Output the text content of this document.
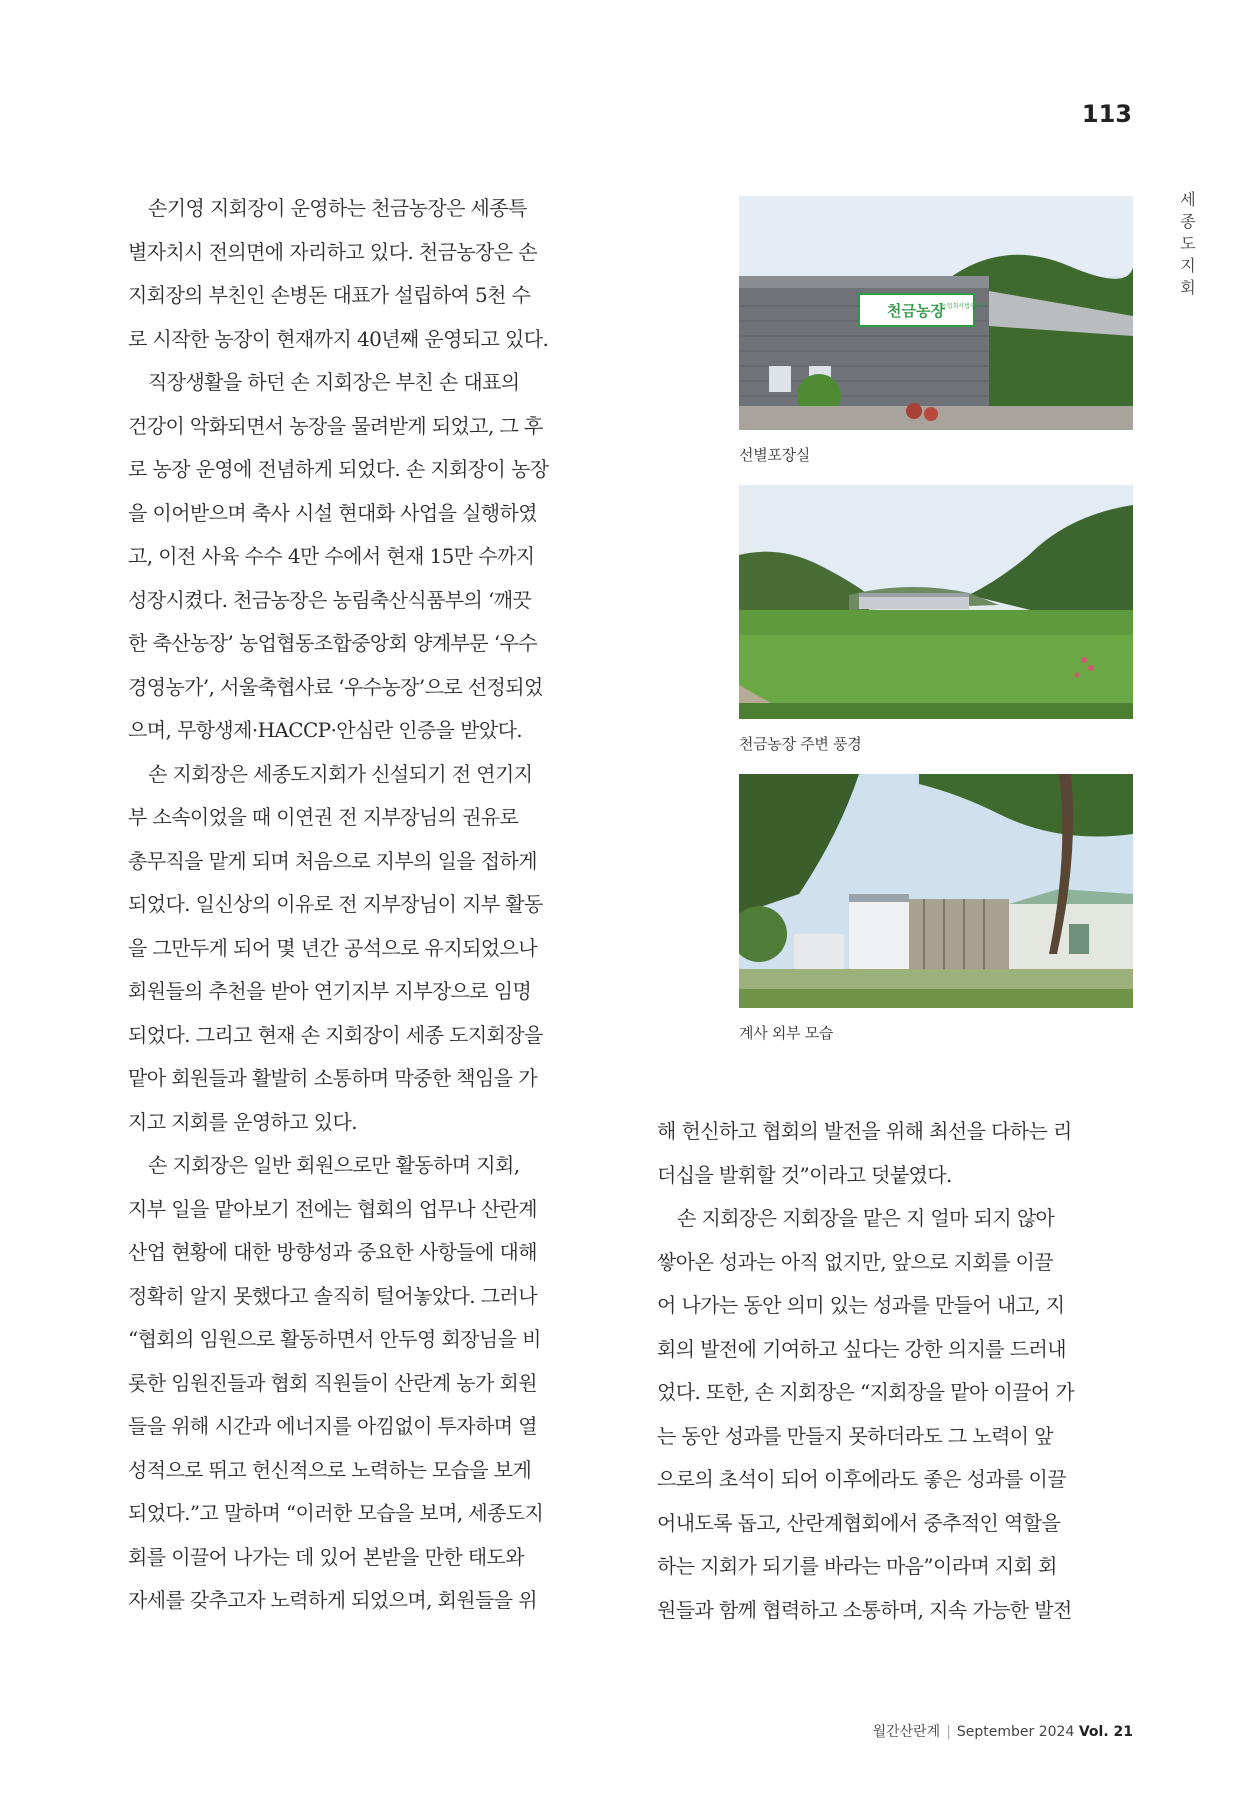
113
세
종
도
지
회

손기영 지회장이 운영하는 천금농장은 세종특
별자치시 전의면에 자리하고 있다. 천금농장은 손
지회장의 부친인 손병돈 대표가 설립하여 5천 수
로 시작한 농장이 현재까지 40년째 운영되고 있다.

직장생활을 하던 손 지회장은 부친 손 대표의
건강이 악화되면서 농장을 물려받게 되었고, 그 후
로 농장 운영에 전념하게 되었다. 손 지회장이 농장
을 이어받으며 축사 시설 현대화 사업을 실행하였
고, 이전 사육 수수 4만 수에서 현재 15만 수까지
성장시켰다. 천금농장은 농림축산식품부의 ‘깨끗
한 축산농장’ 농업협동조합중앙회 양계부문 ‘우수
경영농가’, 서울축협사료 ‘우수농장’으로 선정되었
으며, 무항생제·HACCP·안심란 인증을 받았다.

손 지회장은 세종도지회가 신설되기 전 연기지
부 소속이었을 때 이연권 전 지부장님의 권유로
총무직을 맡게 되며 처음으로 지부의 일을 접하게
되었다. 일신상의 이유로 전 지부장님이 지부 활동
을 그만두게 되어 몇 년간 공석으로 유지되었으나
회원들의 추천을 받아 연기지부 지부장으로 임명
되었다. 그리고 현재 손 지회장이 세종 도지회장을
맡아 회원들과 활발히 소통하며 막중한 책임을 가
지고 지회를 운영하고 있다.

손 지회장은 일반 회원으로만 활동하며 지회,
지부 일을 맡아보기 전에는 협회의 업무나 산란계
산업 현황에 대한 방향성과 중요한 사항들에 대해
정확히 알지 못했다고 솔직히 털어놓았다. 그러나
“협회의 임원으로 활동하면서 안두영 회장님을 비
롯한 임원진들과 협회 직원들이 산란계 농가 회원
들을 위해 시간과 에너지를 아낌없이 투자하며 열
성적으로 뛰고 헌신적으로 노력하는 모습을 보게
되었다.”고 말하며 “이러한 모습을 보며, 세종도지
회를 이끌어 나가는 데 있어 본받을 만한 태도와
자세를 갖추고자 노력하게 되었으며, 회원들을 위

천금농장
농업회사법인(주)
선별포장실
천금농장 주변 풍경
계사 외부 모습

해 헌신하고 협회의 발전을 위해 최선을 다하는 리
더십을 발휘할 것”이라고 덧붙였다.

손 지회장은 지회장을 맡은 지 얼마 되지 않아
쌓아온 성과는 아직 없지만, 앞으로 지회를 이끌
어 나가는 동안 의미 있는 성과를 만들어 내고, 지
회의 발전에 기여하고 싶다는 강한 의지를 드러내
었다. 또한, 손 지회장은 “지회장을 맡아 이끌어 가
는 동안 성과를 만들지 못하더라도 그 노력이 앞
으로의 초석이 되어 이후에라도 좋은 성과를 이끌
어내도록 돕고, 산란계협회에서 중추적인 역할을
하는 지회가 되기를 바라는 마음”이라며 지회 회
원들과 함께 협력하고 소통하며, 지속 가능한 발전

월간산란계 | September 2024 Vol. 21
